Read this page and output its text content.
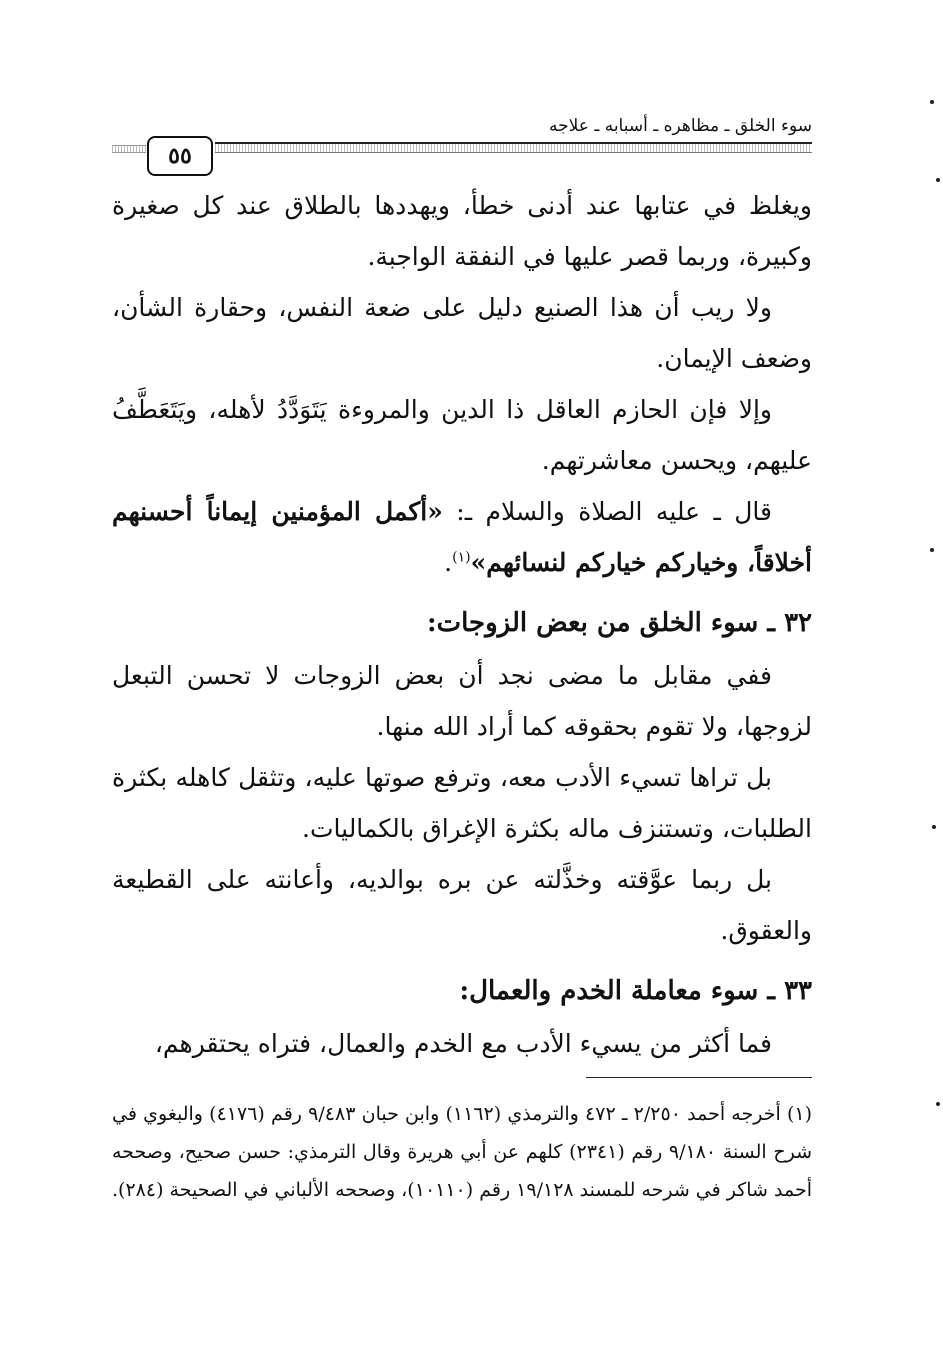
سوء الخلق ـ مظاهره ـ أسبابه ـ علاجه
٥٥

ويغلظ في عتابها عند أدنى خطأ، ويهددها بالطلاق عند كل صغيرة وكبيرة، وربما قصر عليها في النفقة الواجبة.

ولا ريب أن هذا الصنيع دليل على ضعة النفس، وحقارة الشأن، وضعف الإيمان.

وإلا فإن الحازم العاقل ذا الدين والمروءة يَتَوَدَّدُ لأهله، ويَتَعَطَّفُ عليهم، ويحسن معاشرتهم.

قال ـ عليه الصلاة والسلام ـ: «أكمل المؤمنين إيماناً أحسنهم أخلاقاً، وخياركم خياركم لنسائهم»$^{(١)}$.

٣٢ ـ سوء الخلق من بعض الزوجات:

ففي مقابل ما مضى نجد أن بعض الزوجات لا تحسن التبعل لزوجها، ولا تقوم بحقوقه كما أراد الله منها.

بل تراها تسيء الأدب معه، وترفع صوتها عليه، وتثقل كاهله بكثرة الطلبات، وتستنزف ماله بكثرة الإغراق بالكماليات.

بل ربما عوَّقته وخذَّلته عن بره بوالديه، وأعانته على القطيعة والعقوق.

٣٣ ـ سوء معاملة الخدم والعمال:

فما أكثر من يسيء الأدب مع الخدم والعمال، فتراه يحتقرهم،

(١) أخرجه أحمد ٢/٢٥٠ ـ ٤٧٢ والترمذي (١١٦٢) وابن حبان ٩/٤٨٣ رقم (٤١٧٦) والبغوي في شرح السنة ٩/١٨٠ رقم (٢٣٤١) كلهم عن أبي هريرة وقال الترمذي: حسن صحيح، وصححه أحمد شاكر في شرحه للمسند ١٩/١٢٨ رقم (١٠١١٠)، وصححه الألباني في الصحيحة (٢٨٤).
